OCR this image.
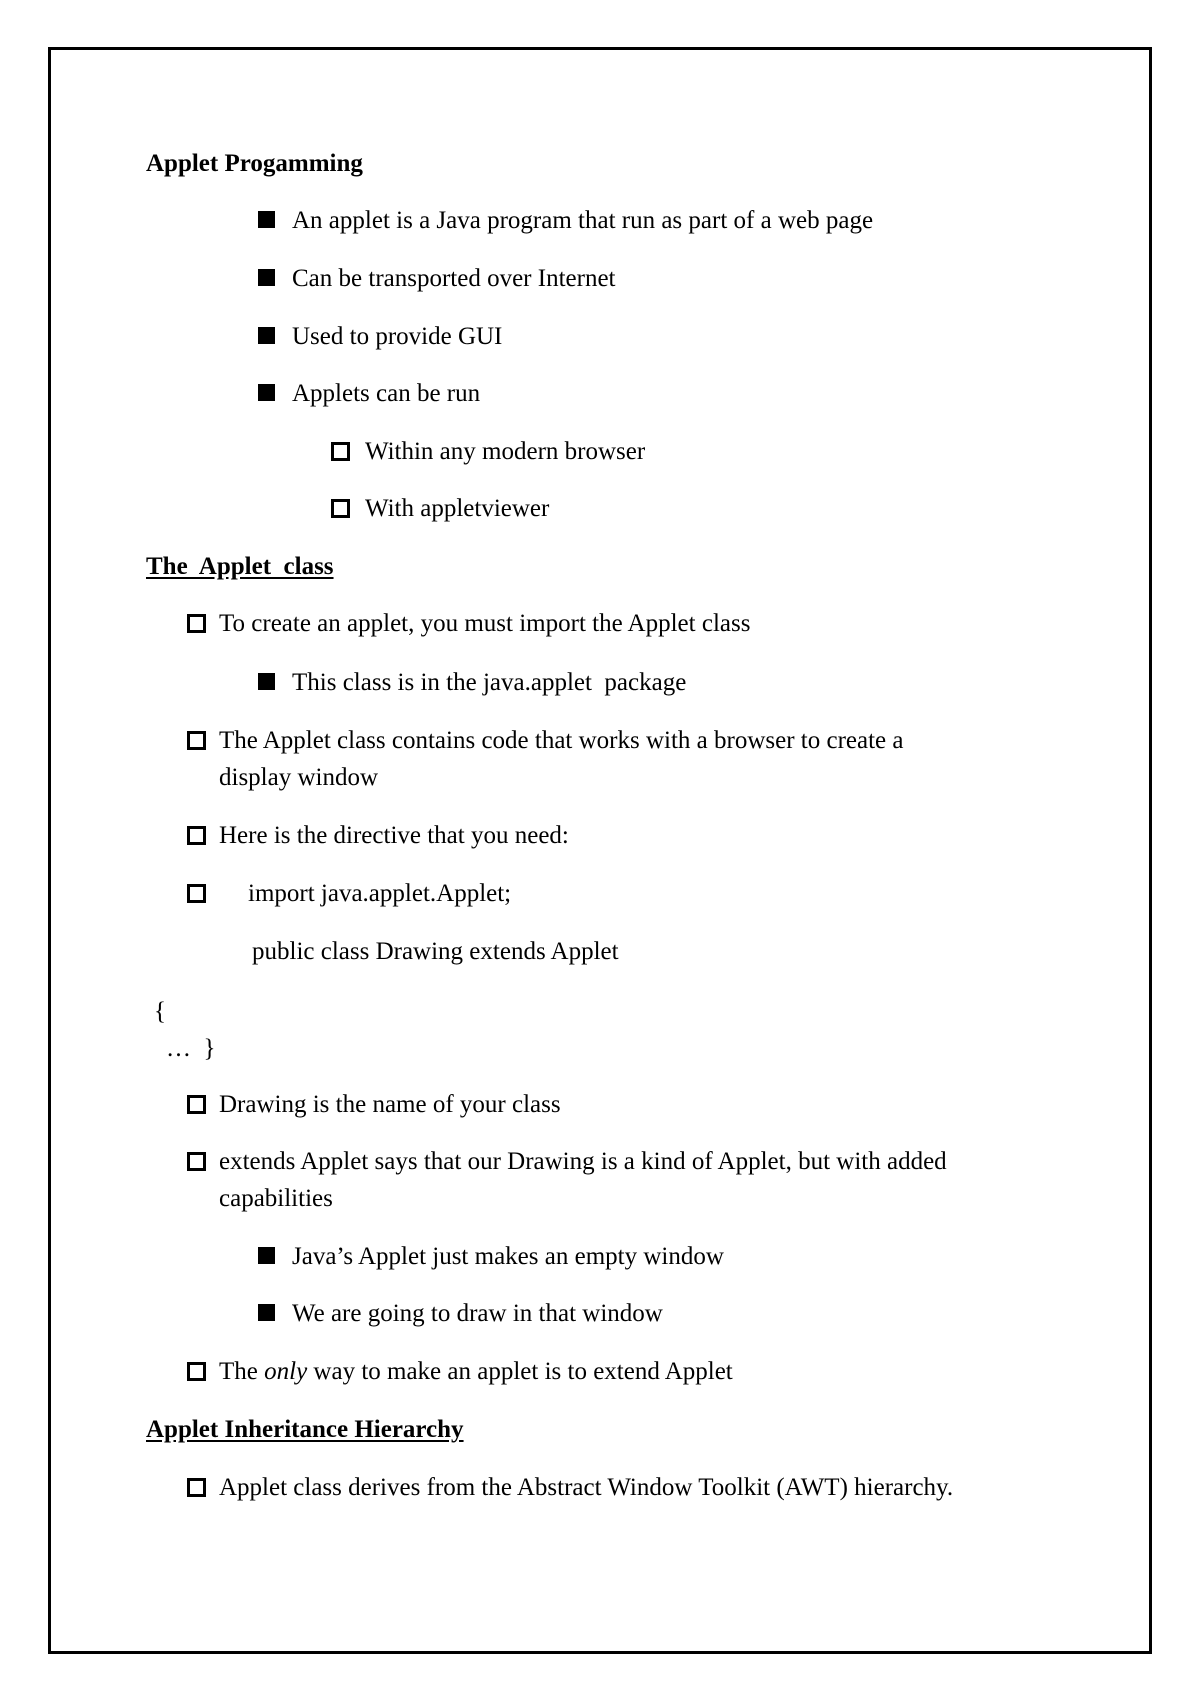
Applet Progamming
An applet is a Java program that run as part of a web page
Can be transported over Internet
Used to provide GUI
Applets can be run
Within any modern browser
With appletviewer
The  Applet  class
To create an applet, you must import the Applet class
This class is in the java.applet  package
The Applet class contains code that works with a browser to create a
display window
Here is the directive that you need:
import java.applet.Applet;
public class Drawing extends Applet
{
…  }
Drawing is the name of your class
extends Applet says that our Drawing is a kind of Applet, but with added
capabilities
Java’s Applet just makes an empty window
We are going to draw in that window
The only way to make an applet is to extend Applet
Applet Inheritance Hierarchy
Applet class derives from the Abstract Window Toolkit (AWT) hierarchy.
